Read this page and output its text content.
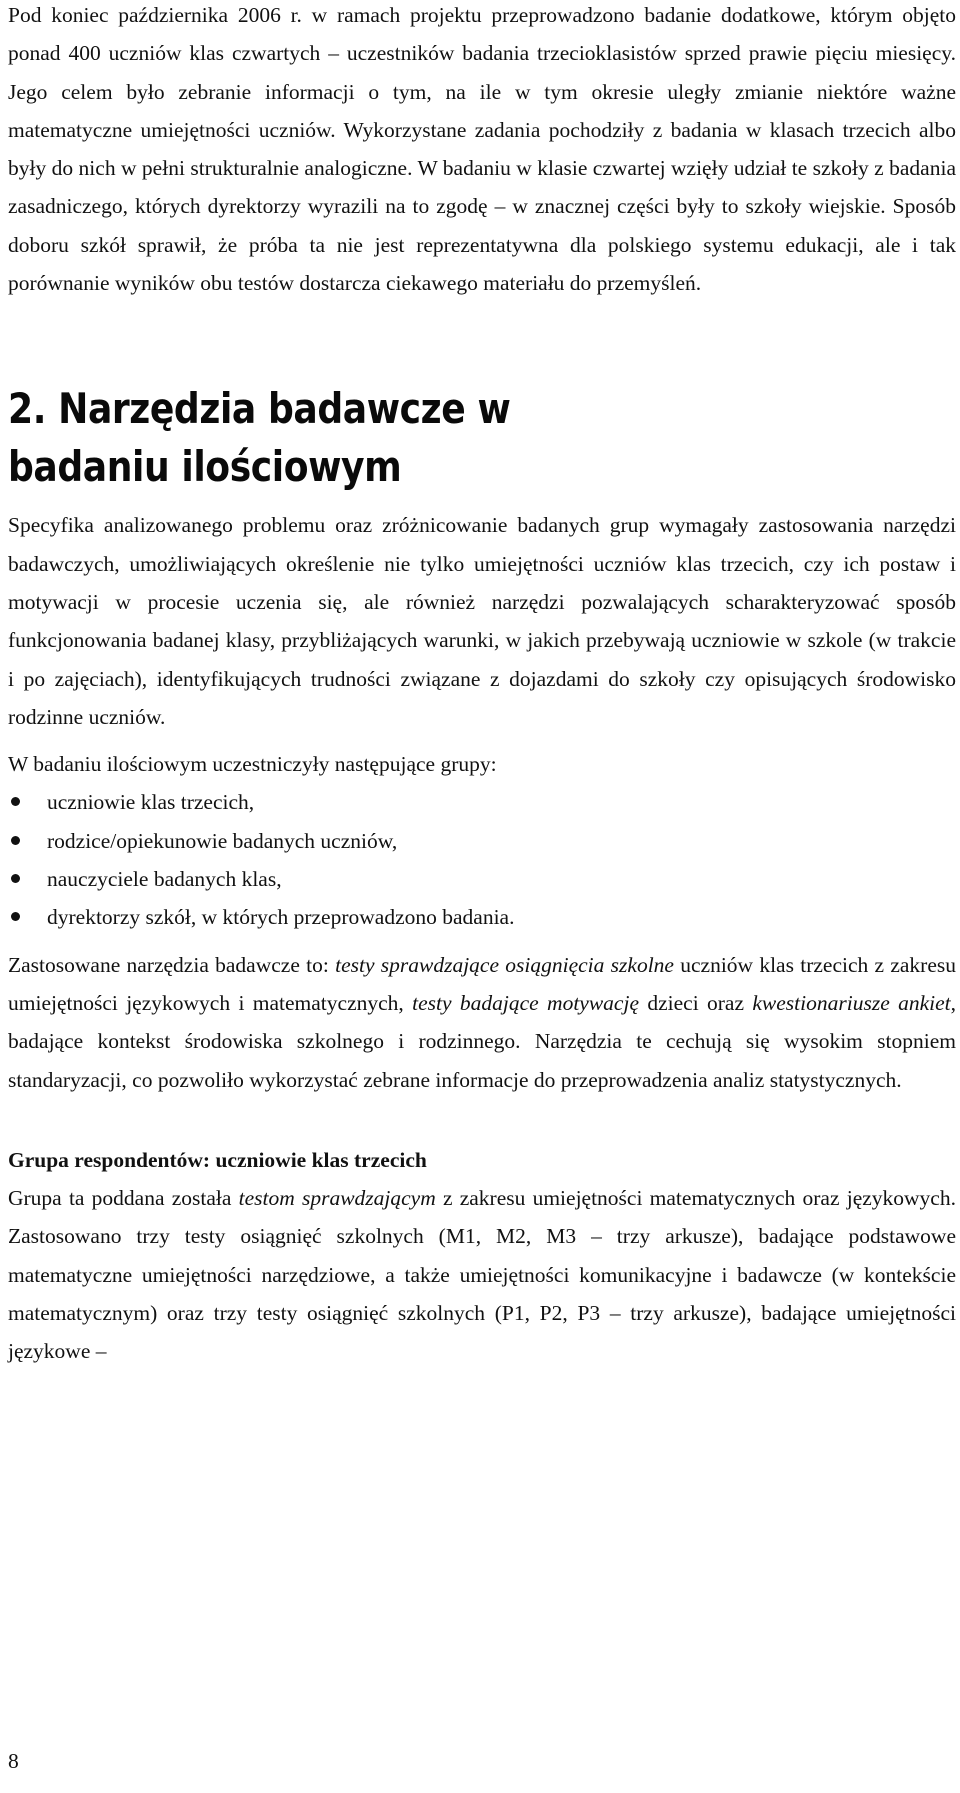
Pod koniec października 2006 r. w ramach projektu przeprowadzono badanie dodatkowe, którym objęto ponad 400 uczniów klas czwartych – uczestników badania trzecioklasistów sprzed prawie pięciu miesięcy. Jego celem było zebranie informacji o tym, na ile w tym okresie uległy zmianie niektóre ważne matematyczne umiejętności uczniów. Wykorzystane zadania pochodziły z badania w klasach trzecich albo były do nich w pełni strukturalnie analogiczne. W badaniu w klasie czwartej wzięły udział te szkoły z badania zasadniczego, których dyrektorzy wyrazili na to zgodę – w znacznej części były to szkoły wiejskie. Sposób doboru szkół sprawił, że próba ta nie jest reprezentatywna dla polskiego systemu edukacji, ale i tak porównanie wyników obu testów dostarcza ciekawego materiału do przemyśleń.

2. Narzędzia badawcze w badaniu ilościowym

Specyfika analizowanego problemu oraz zróżnicowanie badanych grup wymagały zastosowania narzędzi badawczych, umożliwiających określenie nie tylko umiejętności uczniów klas trzecich, czy ich postaw i motywacji w procesie uczenia się, ale również narzędzi pozwalających scharakteryzować sposób funkcjonowania badanej klasy, przybliżających warunki, w jakich przebywają uczniowie w szkole (w trakcie i po zajęciach), identyfikujących trudności związane z dojazdami do szkoły czy opisujących środowisko rodzinne uczniów.

W badaniu ilościowym uczestniczyły następujące grupy:

uczniowie klas trzecich,
rodzice/opiekunowie badanych uczniów,
nauczyciele badanych klas,
dyrektorzy szkół, w których przeprowadzono badania.

Zastosowane narzędzia badawcze to: testy sprawdzające osiągnięcia szkolne uczniów klas trzecich z zakresu umiejętności językowych i matematycznych, testy badające motywację dzieci oraz kwestionariusze ankiet, badające kontekst środowiska szkolnego i rodzinnego. Narzędzia te cechują się wysokim stopniem standaryzacji, co pozwoliło wykorzystać zebrane informacje do przeprowadzenia analiz statystycznych.

Grupa respondentów: uczniowie klas trzecich

Grupa ta poddana została testom sprawdzającym z zakresu umiejętności matematycznych oraz językowych. Zastosowano trzy testy osiągnięć szkolnych (M1, M2, M3 – trzy arkusze), badające podstawowe matematyczne umiejętności narzędziowe, a także umiejętności komunikacyjne i badawcze (w kontekście matematycznym) oraz trzy testy osiągnięć szkolnych (P1, P2, P3 – trzy arkusze), badające umiejętności językowe –

8
